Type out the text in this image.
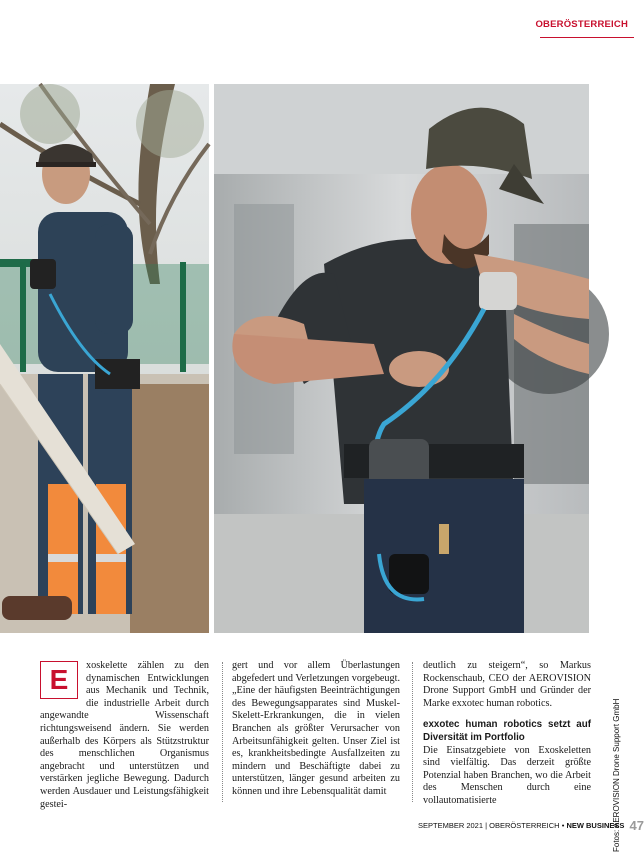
OBERÖSTERREICH
Fotos: AEROVISION Drone Support GmbH
E xoskelette zählen zu den dynamischen Entwicklungen aus Mechanik und Technik, die industrielle Arbeit durch angewandte Wissenschaft richtungsweisend ändern. Sie werden außerhalb des Körpers als Stützstruktur des menschlichen Organismus angebracht und unterstützen und verstärken jegliche Bewegung. Dadurch werden Ausdauer und Leistungsfähigkeit gestei-
gert und vor allem Überlastungen abgefedert und Verletzungen vorgebeugt. „Eine der häufigsten Beeinträchtigungen des Bewegungsapparates sind Muskel-Skelett-Erkrankungen, die in vielen Branchen als größter Verursacher von Arbeitsunfähigkeit gelten. Unser Ziel ist es, krankheitsbedingte Ausfallzeiten zu mindern und Beschäftigte dabei zu unterstützen, länger gesund arbeiten zu können und ihre Lebensqualität damit
deutlich zu steigern“, so Markus Rockenschaub, CEO der AEROVISION Drone Support GmbH und Gründer der Marke exxotec human robotics.
exxotec human robotics setzt auf Diversität im Portfolio
Die Einsatzgebiete von Exoskeletten sind vielfältig. Das derzeit größte Potenzial haben Branchen, wo die Arbeit des Menschen durch eine vollautomatisierte
SEPTEMBER 2021 | OBERÖSTERREICH • NEW BUSINESS 47
